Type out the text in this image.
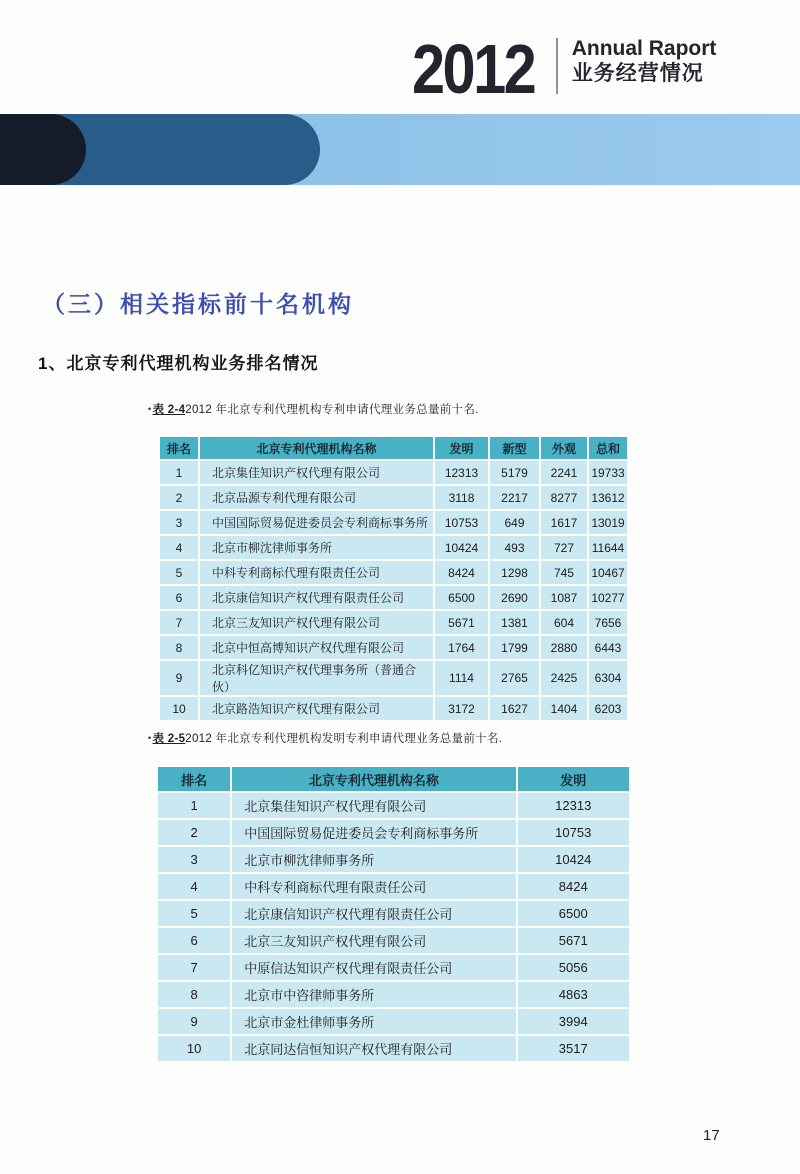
2012 Annual Raport
业务经营情况
（三）相关指标前十名机构
1、北京专利代理机构业务排名情况
•表 2-42012 年北京专利代理机构专利申请代理业务总量前十名.
排名	北京专利代理机构名称	发明	新型	外观	总和
1	北京集佳知识产权代理有限公司	12313	5179	2241	19733
2	北京品源专利代理有限公司	3118	2217	8277	13612
3	中国国际贸易促进委员会专利商标事务所	10753	649	1617	13019
4	北京市柳沈律师事务所	10424	493	727	11644
5	中科专利商标代理有限责任公司	8424	1298	745	10467
6	北京康信知识产权代理有限责任公司	6500	2690	1087	10277
7	北京三友知识产权代理有限公司	5671	1381	604	7656
8	北京中恒高博知识产权代理有限公司	1764	1799	2880	6443
9	北京科亿知识产权代理事务所（普通合伙）	1114	2765	2425	6304
10	北京路浩知识产权代理有限公司	3172	1627	1404	6203
•表 2-52012 年北京专利代理机构发明专利申请代理业务总量前十名.
排名	北京专利代理机构名称	发明
1	北京集佳知识产权代理有限公司	12313
2	中国国际贸易促进委员会专利商标事务所	10753
3	北京市柳沈律师事务所	10424
4	中科专利商标代理有限责任公司	8424
5	北京康信知识产权代理有限责任公司	6500
6	北京三友知识产权代理有限公司	5671
7	中原信达知识产权代理有限责任公司	5056
8	北京市中咨律师事务所	4863
9	北京市金杜律师事务所	3994
10	北京同达信恒知识产权代理有限公司	3517
17
